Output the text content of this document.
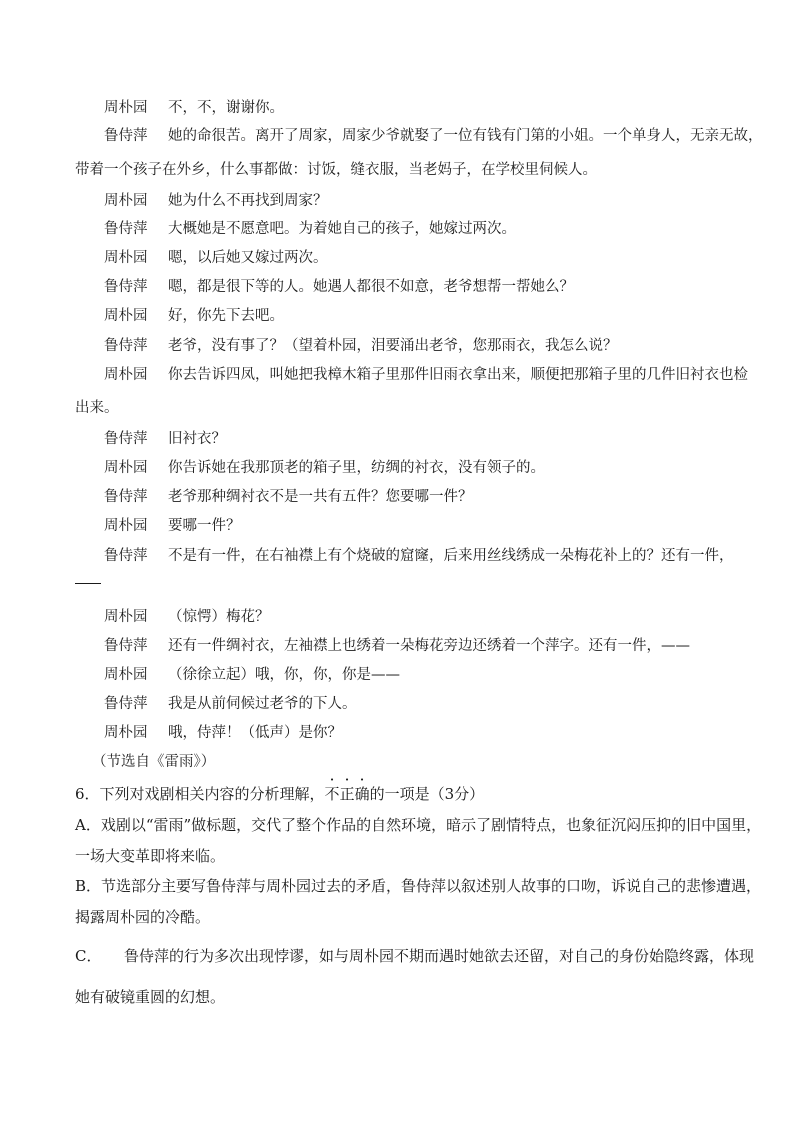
周朴园 不，不，谢谢你。
鲁侍萍 她的命很苦。离开了周家，周家少爷就娶了一位有钱有门第的小姐。一个单身人，无亲无故，
带着一个孩子在外乡，什么事都做：讨饭，缝衣服，当老妈子，在学校里伺候人。
周朴园 她为什么不再找到周家？
鲁侍萍 大概她是不愿意吧。为着她自己的孩子，她嫁过两次。
周朴园 嗯，以后她又嫁过两次。
鲁侍萍 嗯，都是很下等的人。她遇人都很不如意，老爷想帮一帮她么？
周朴园 好，你先下去吧。
鲁侍萍 老爷，没有事了？（望着朴园，泪要涌出老爷，您那雨衣，我怎么说？
周朴园 你去告诉四凤，叫她把我樟木箱子里那件旧雨衣拿出来，顺便把那箱子里的几件旧衬衣也检
出来。
鲁侍萍 旧衬衣？
周朴园 你告诉她在我那顶老的箱子里，纺绸的衬衣，没有领子的。
鲁侍萍 老爷那种绸衬衣不是一共有五件？您要哪一件？
周朴园 要哪一件？
鲁侍萍 不是有一件，在右袖襟上有个烧破的窟窿，后来用丝线绣成一朵梅花补上的？还有一件，
周朴园 （惊愕）梅花？
鲁侍萍 还有一件绸衬衣，左袖襟上也绣着一朵梅花旁边还绣着一个萍字。还有一件，——
周朴园 （徐徐立起）哦，你，你，你是——
鲁侍萍 我是从前伺候过老爷的下人。
周朴园 哦，侍萍！（低声）是你？
（节选自《雷雨》）
6．下列对戏剧相关内容的分析理解，不正确的一项是（3分）
A．戏剧以“雷雨”做标题，交代了整个作品的自然环境，暗示了剧情特点，也象征沉闷压抑的旧中国里，
一场大变革即将来临。
B．节选部分主要写鲁侍萍与周朴园过去的矛盾，鲁侍萍以叙述别人故事的口吻，诉说自己的悲惨遭遇，
揭露周朴园的冷酷。
C． 鲁侍萍的行为多次出现悖谬，如与周朴园不期而遇时她欲去还留，对自己的身份始隐终露，体现
她有破镜重圆的幻想。
